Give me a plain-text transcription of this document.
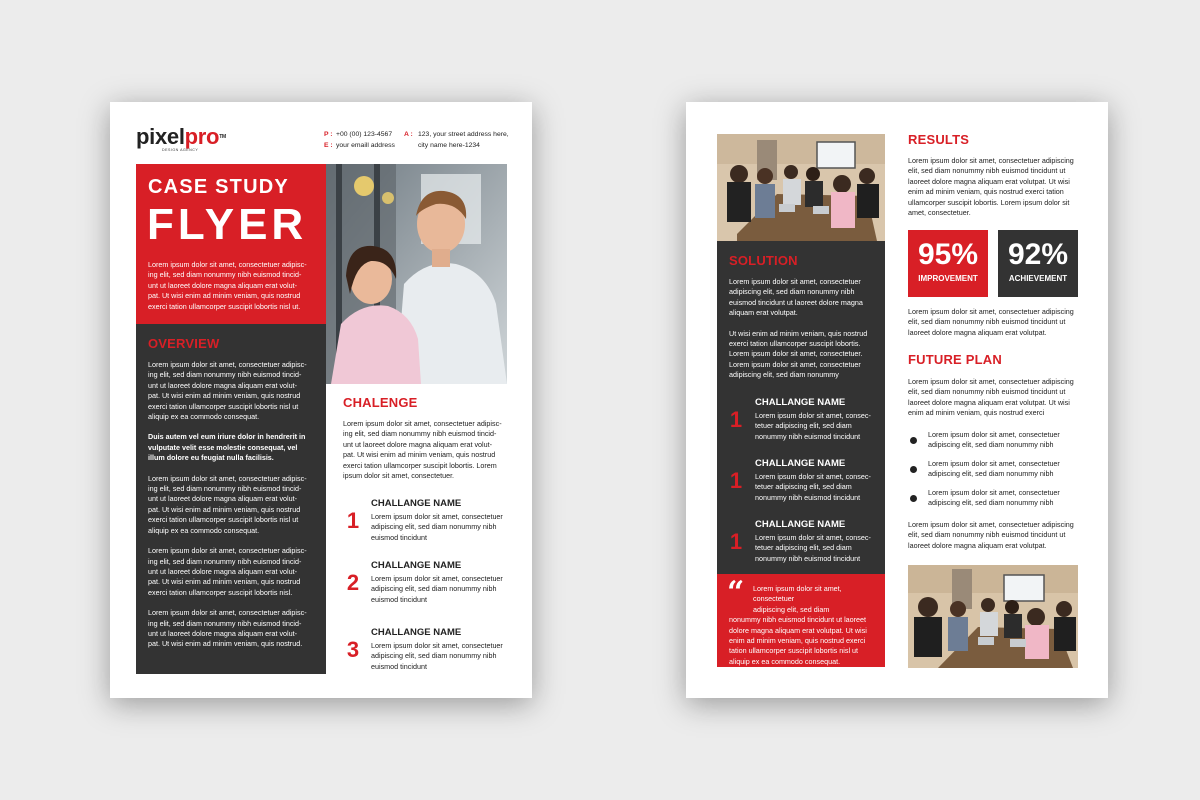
pixelpro™
DESIGN AGENCY
P : +00 (00) 123-4567
E : your emaill address
A : 123, your street address here,
city name here-1234
CASE STUDY
FLYER
Lorem ipsum dolor sit amet, consectetuer adipisc-
ing elit, sed diam nonummy nibh euismod tincid-
unt ut laoreet dolore magna aliquam erat volut-
pat. Ut wisi enim ad minim veniam, quis nostrud
exerci tation ullamcorper suscipit lobortis nisl ut.
OVERVIEW
Lorem ipsum dolor sit amet, consectetuer adipisc-
ing elit, sed diam nonummy nibh euismod tincid-
unt ut laoreet dolore magna aliquam erat volut-
pat. Ut wisi enim ad minim veniam, quis nostrud
exerci tation ullamcorper suscipit lobortis nisl ut
aliquip ex ea commodo consequat.
Duis autem vel eum iriure dolor in hendrerit in
vulputate velit esse molestie consequat, vel
illum dolore eu feugiat nulla facilisis.
Lorem ipsum dolor sit amet, consectetuer adipisc-
ing elit, sed diam nonummy nibh euismod tincid-
unt ut laoreet dolore magna aliquam erat volut-
pat. Ut wisi enim ad minim veniam, quis nostrud
exerci tation ullamcorper suscipit lobortis nisl ut
aliquip ex ea commodo consequat.
Lorem ipsum dolor sit amet, consectetuer adipisc-
ing elit, sed diam nonummy nibh euismod tincid-
unt ut laoreet dolore magna aliquam erat volut-
pat. Ut wisi enim ad minim veniam, quis nostrud
exerci tation ullamcorper suscipit lobortis nisl.
Lorem ipsum dolor sit amet, consectetuer adipisc-
ing elit, sed diam nonummy nibh euismod tincid-
unt ut laoreet dolore magna aliquam erat volut-
pat. Ut wisi enim ad minim veniam, quis nostrud.
CHALENGE
Lorem ipsum dolor sit amet, consectetuer adipisc-
ing elit, sed diam nonummy nibh euismod tincid-
unt ut laoreet dolore magna aliquam erat volut-
pat. Ut wisi enim ad minim veniam, quis nostrud
exerci tation ullamcorper suscipit lobortis. Lorem
ipsum dolor sit amet, consectetuer.
1
CHALLANGE NAME
Lorem ipsum dolor sit amet, consectetuer
adipiscing elit, sed diam nonummy nibh
euismod tincidunt
2
CHALLANGE NAME
Lorem ipsum dolor sit amet, consectetuer
adipiscing elit, sed diam nonummy nibh
euismod tincidunt
3
CHALLANGE NAME
Lorem ipsum dolor sit amet, consectetuer
adipiscing elit, sed diam nonummy nibh
euismod tincidunt
SOLUTION
Lorem ipsum dolor sit amet, consectetuer
adipiscing elit, sed diam nonummy nibh
euismod tincidunt ut laoreet dolore magna
aliquam erat volutpat.
Ut wisi enim ad minim veniam, quis nostrud
exerci tation ullamcorper suscipit lobortis.
Lorem ipsum dolor sit amet, consectetuer.
Lorem ipsum dolor sit amet, consectetuer
adipiscing elit, sed diam nonummy
1
CHALLANGE NAME
Lorem ipsum dolor sit amet, consec-
tetuer adipiscing elit, sed diam
nonummy nibh euismod tincidunt
1
CHALLANGE NAME
Lorem ipsum dolor sit amet, consec-
tetuer adipiscing elit, sed diam
nonummy nibh euismod tincidunt
1
CHALLANGE NAME
Lorem ipsum dolor sit amet, consec-
tetuer adipiscing elit, sed diam
nonummy nibh euismod tincidunt
“	Lorem ipsum dolor sit amet, consectetuer
adipiscing elit, sed diam
nonummy nibh euismod tincidunt ut laoreet
dolore magna aliquam erat volutpat. Ut wisi
enim ad minim veniam, quis nostrud exerci
tation ullamcorper suscipit lobortis nisl ut
aliquip ex ea commodo consequat.
RESULTS
Lorem ipsum dolor sit amet, consectetuer adipiscing
elit, sed diam nonummy nibh euismod tincidunt ut
laoreet dolore magna aliquam erat volutpat. Ut wisi
enim ad minim veniam, quis nostrud exerci tation
ullamcorper suscipit lobortis. Lorem ipsum dolor sit
amet, consectetuer.
95%
IMPROVEMENT
92%
ACHIEVEMENT
Lorem ipsum dolor sit amet, consectetuer adipiscing
elit, sed diam nonummy nibh euismod tincidunt ut
laoreet dolore magna aliquam erat volutpat.
FUTURE PLAN
Lorem ipsum dolor sit amet, consectetuer adipiscing
elit, sed diam nonummy nibh euismod tincidunt ut
laoreet dolore magna aliquam erat volutpat. Ut wisi
enim ad minim veniam, quis nostrud exerci
Lorem ipsum dolor sit amet, consectetuer
adipiscing elit, sed diam nonummy nibh
Lorem ipsum dolor sit amet, consectetuer
adipiscing elit, sed diam nonummy nibh
Lorem ipsum dolor sit amet, consectetuer
adipiscing elit, sed diam nonummy nibh
Lorem ipsum dolor sit amet, consectetuer adipiscing
elit, sed diam nonummy nibh euismod tincidunt ut
laoreet dolore magna aliquam erat volutpat.
